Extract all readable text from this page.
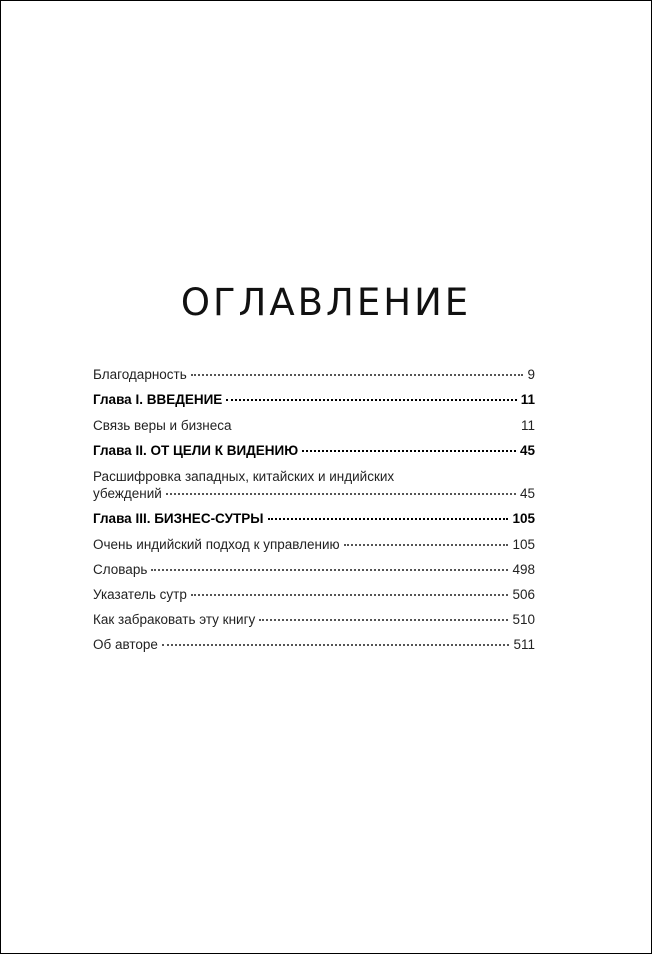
ОГЛАВЛЕНИЕ
Благодарность	9
Глава I. ВВЕДЕНИЕ	11
Связь веры и бизнеса	11
Глава II. ОТ ЦЕЛИ К ВИДЕНИЮ	45
Расшифровка западных, китайских и индийских
убеждений	45
Глава III. БИЗНЕС-СУТРЫ	105
Очень индийский подход к управлению	105
Словарь	498
Указатель сутр	506
Как забраковать эту книгу	510
Об авторе	511
